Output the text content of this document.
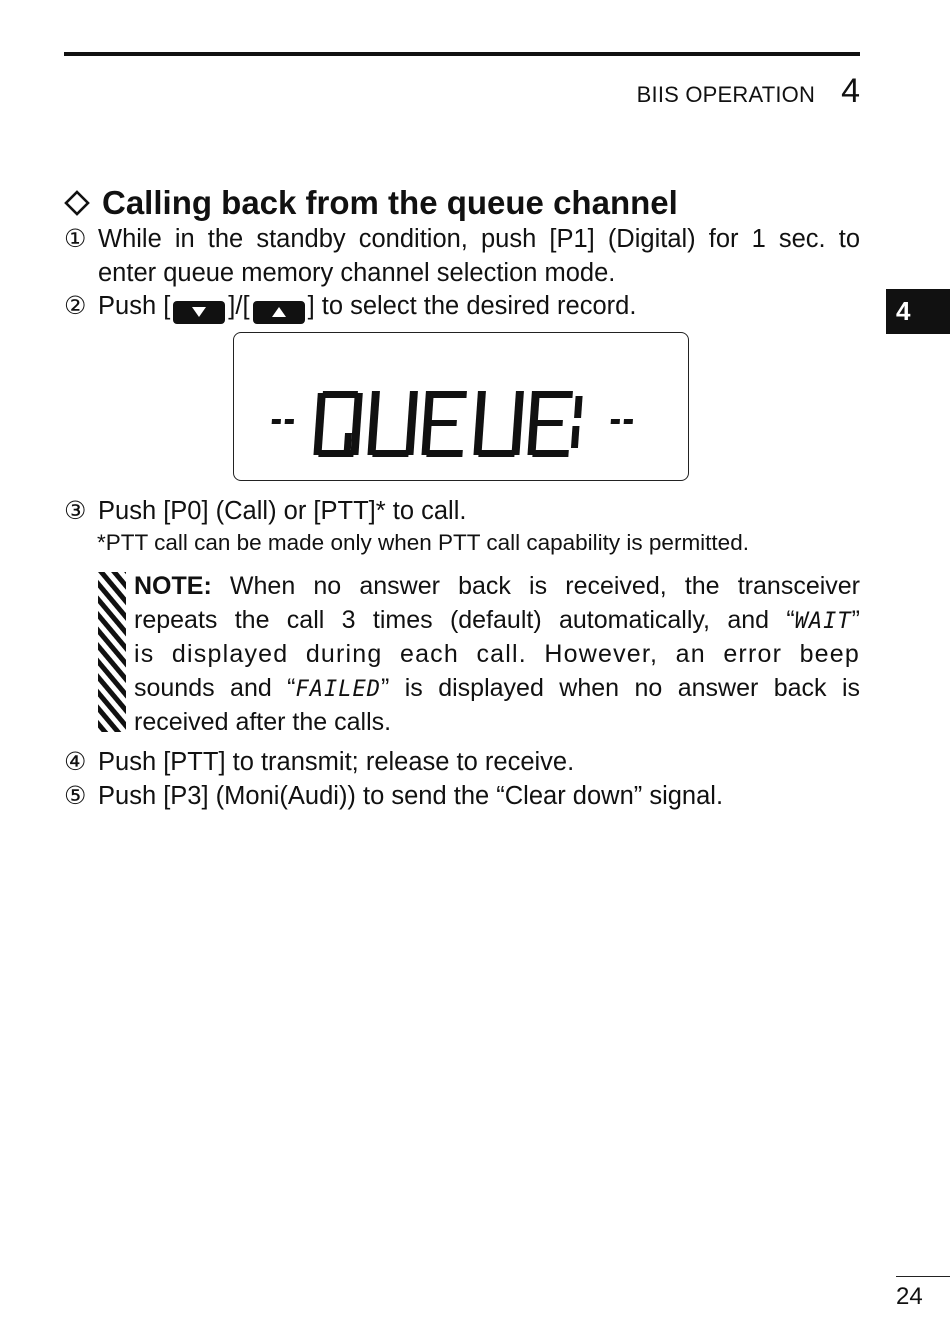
BIIS OPERATION 4
4
Calling back from the queue channel
① While in the standby condition, push [P1] (Digital) for 1 sec. to
enter queue memory channel selection mode.
② Push [ ]/[ ] to select the desired record.
③ Push [P0] (Call) or [PTT]* to call.
*PTT call can be made only when PTT call capability is permitted.
NOTE: When no answer back is received, the transceiver
repeats the call 3 times (default) automatically, and “WAIT”
is displayed during each call. However, an error beep
sounds and “FAILED” is displayed when no answer back is
received after the calls.
④ Push [PTT] to transmit; release to receive.
⑤ Push [P3] (Moni(Audi)) to send the “Clear down” signal.
24
